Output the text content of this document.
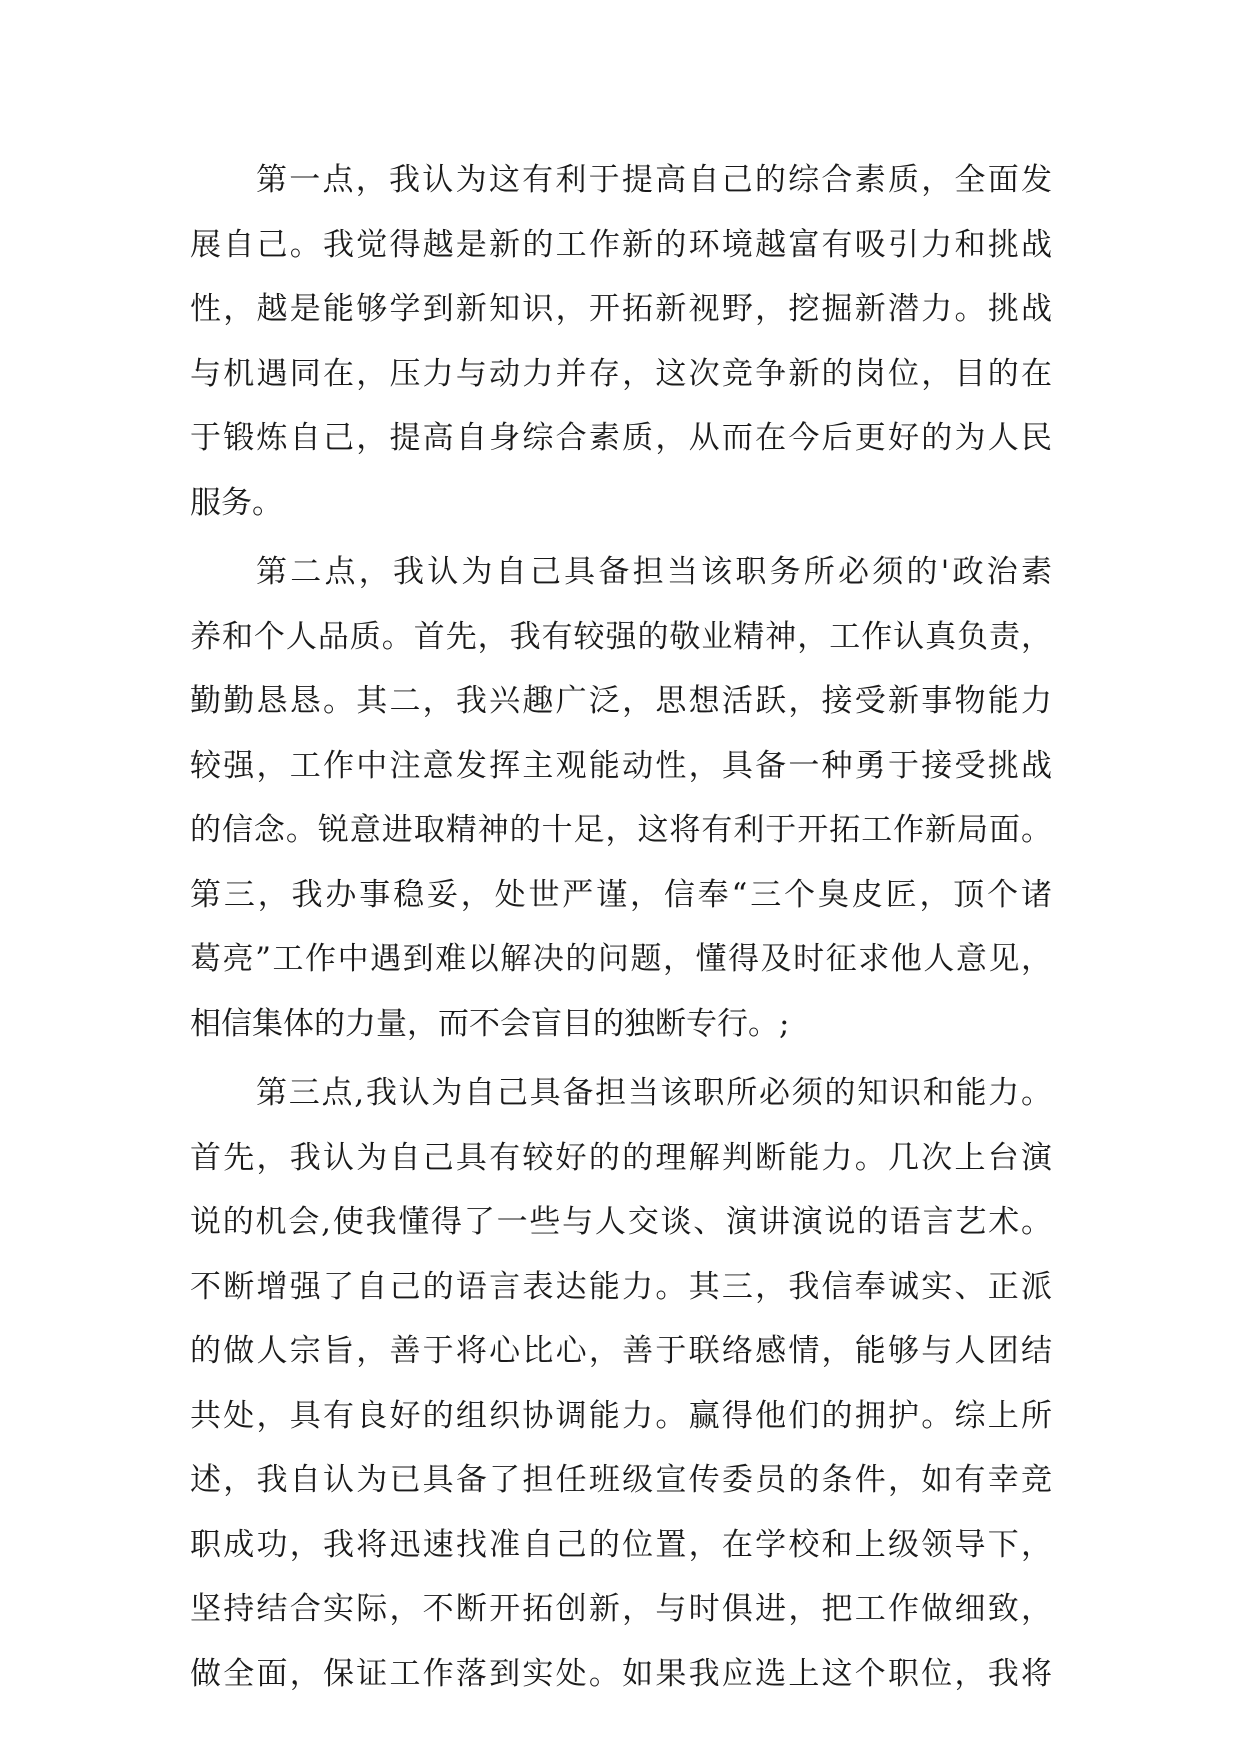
第一点，我认为这有利于提高自己的综合素质，全面发
展自己。我觉得越是新的工作新的环境越富有吸引力和挑战
性，越是能够学到新知识，开拓新视野，挖掘新潜力。挑战
与机遇同在，压力与动力并存，这次竞争新的岗位，目的在
于锻炼自己，提高自身综合素质，从而在今后更好的为人民
服务。
第二点，我认为自己具备担当该职务所必须的'政治素
养和个人品质。首先，我有较强的敬业精神，工作认真负责，
勤勤恳恳。其二，我兴趣广泛，思想活跃，接受新事物能力
较强，工作中注意发挥主观能动性，具备一种勇于接受挑战
的信念。锐意进取精神的十足，这将有利于开拓工作新局面。
第三，我办事稳妥，处世严谨，信奉“三个臭皮匠，顶个诸
葛亮”工作中遇到难以解决的问题，懂得及时征求他人意见，
相信集体的力量，而不会盲目的独断专行。;
第三点,我认为自己具备担当该职所必须的知识和能力。
首先，我认为自己具有较好的的理解判断能力。几次上台演
说的机会,使我懂得了一些与人交谈、演讲演说的语言艺术。
不断增强了自己的语言表达能力。其三，我信奉诚实、正派
的做人宗旨，善于将心比心，善于联络感情，能够与人团结
共处，具有良好的组织协调能力。赢得他们的拥护。综上所
述，我自认为已具备了担任班级宣传委员的条件，如有幸竞
职成功，我将迅速找准自己的位置，在学校和上级领导下，
坚持结合实际，不断开拓创新，与时俱进，把工作做细致，
做全面，保证工作落到实处。如果我应选上这个职位，我将
